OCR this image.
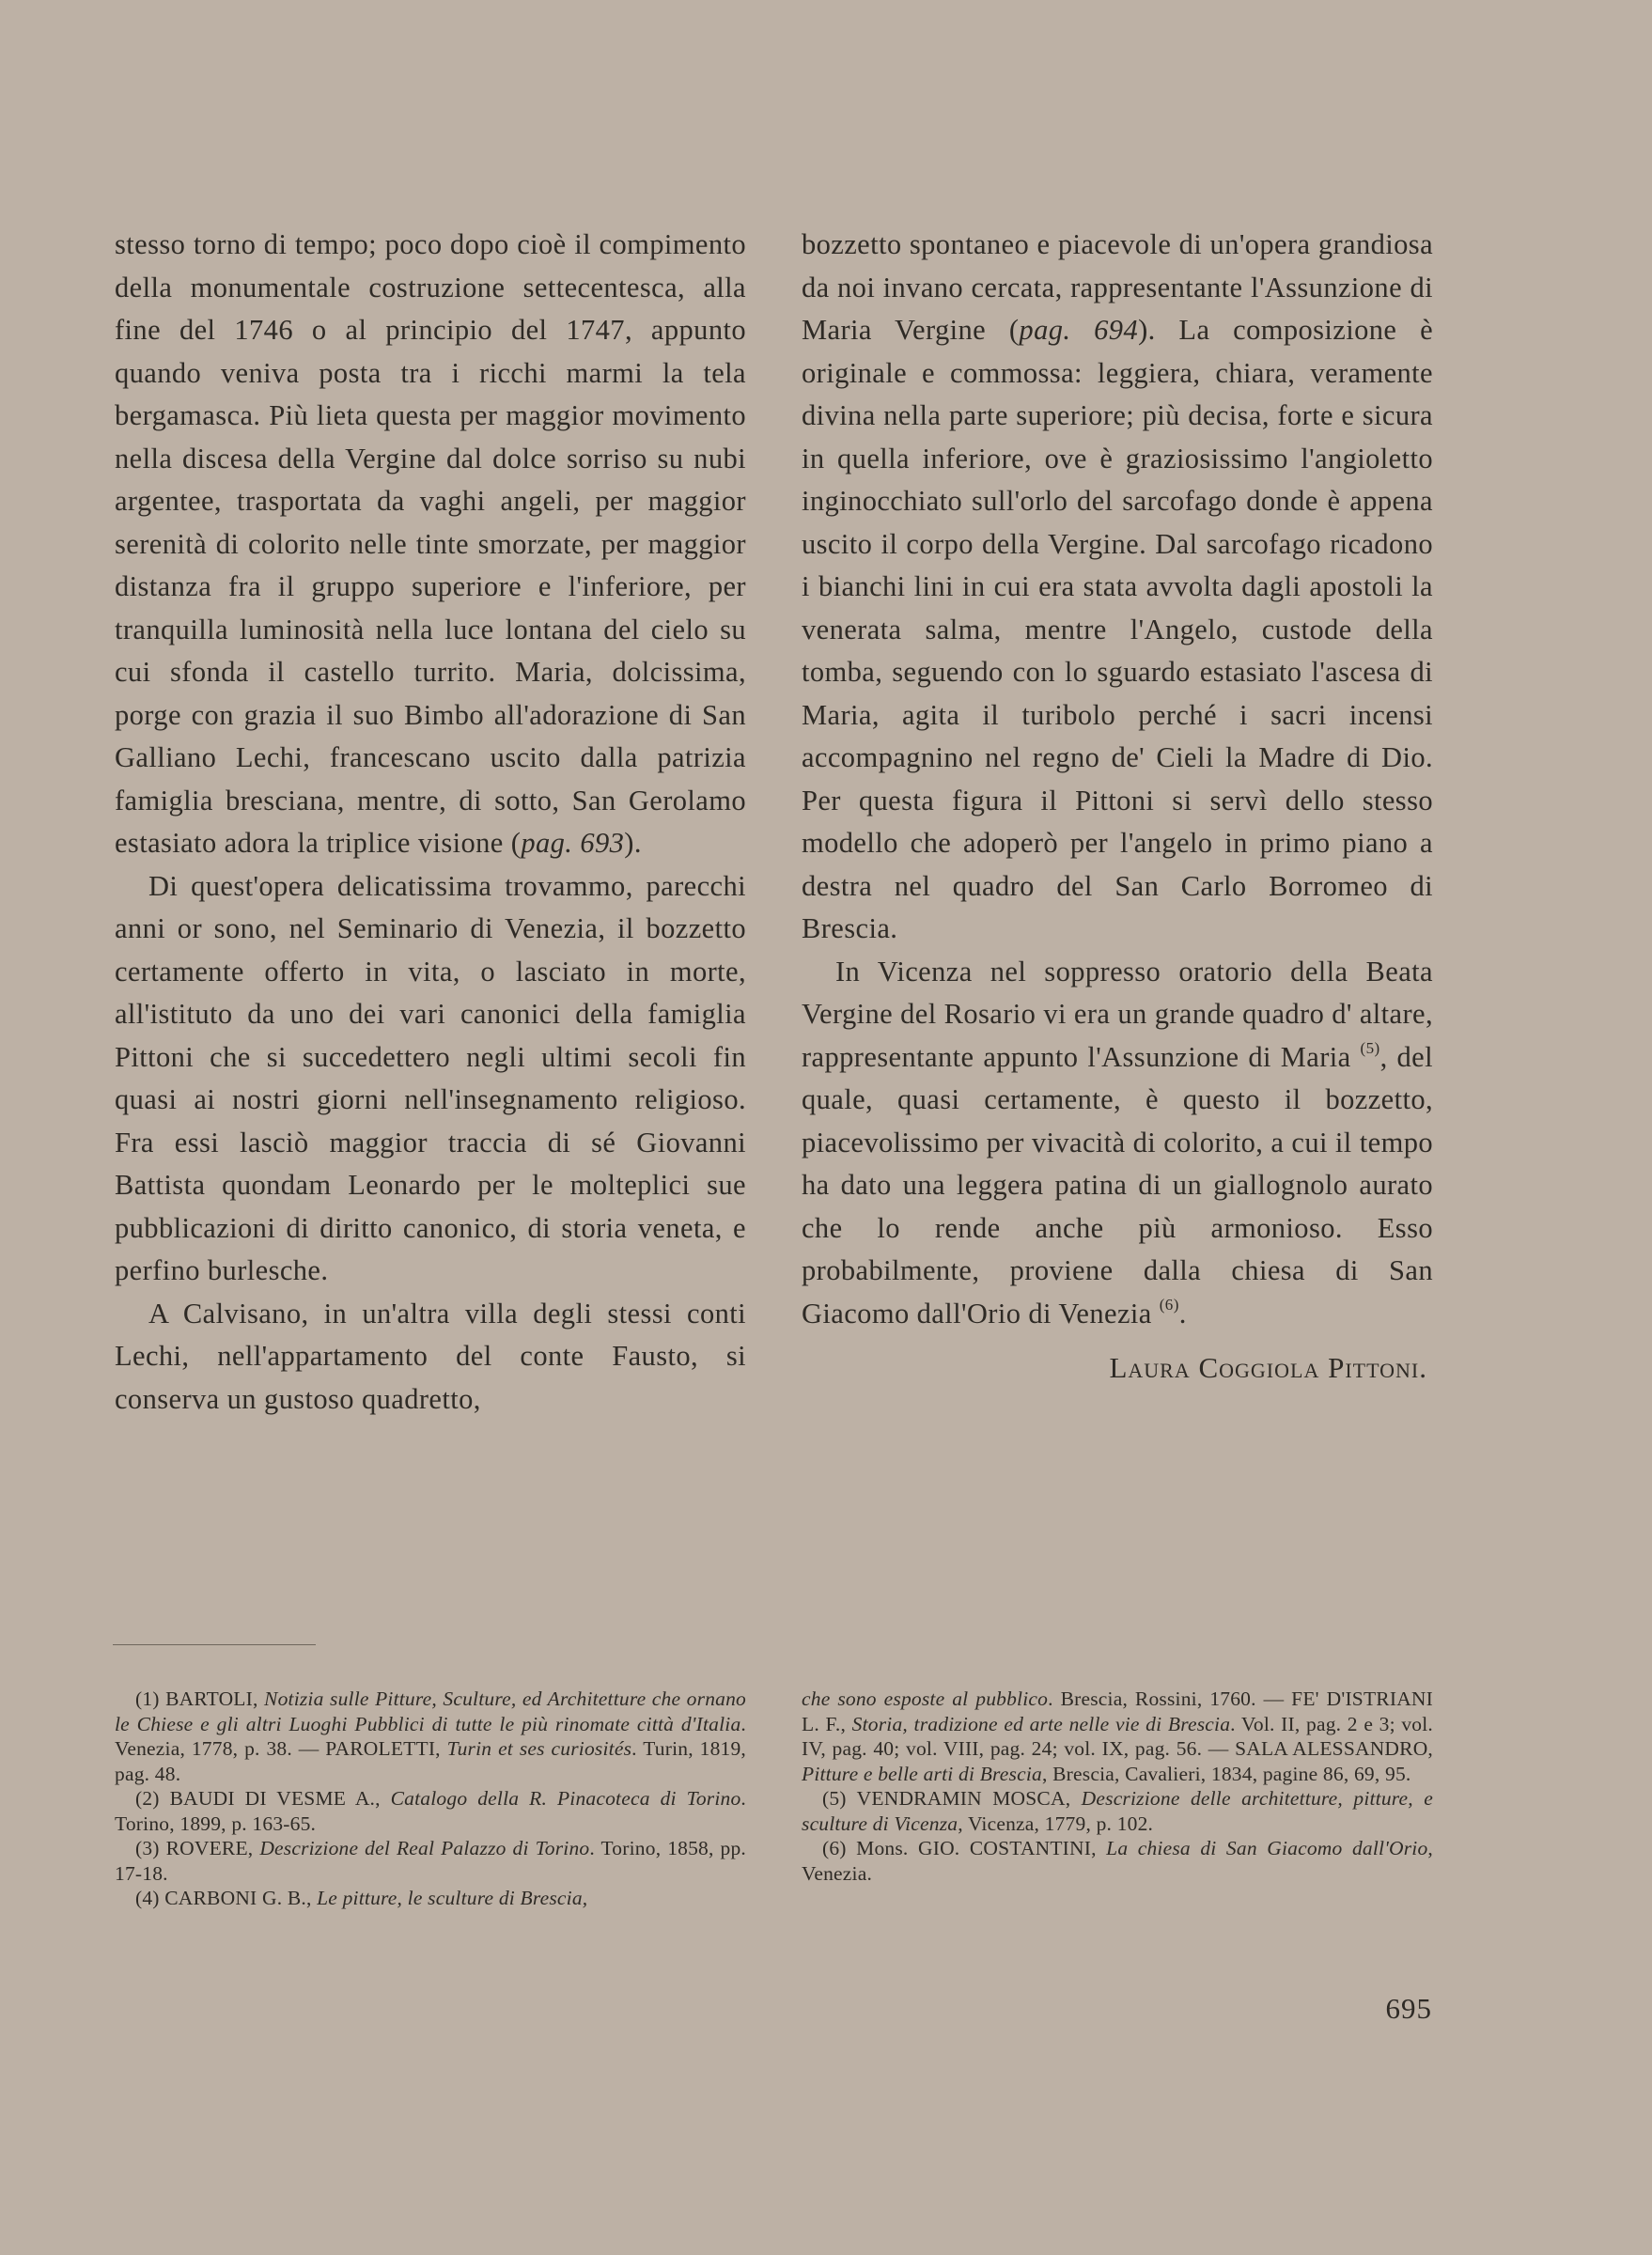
stesso torno di tempo; poco dopo cioè il compimento della monumentale costruzione settecentesca, alla fine del 1746 o al principio del 1747, appunto quando veniva posta tra i ricchi marmi la tela bergamasca. Più lieta questa per maggior movimento nella discesa della Vergine dal dolce sorriso su nubi argentee, trasportata da vaghi angeli, per maggior serenità di colorito nelle tinte smorzate, per maggior distanza fra il gruppo superiore e l'inferiore, per tranquilla luminosità nella luce lontana del cielo su cui sfonda il castello turrito. Maria, dolcissima, porge con grazia il suo Bimbo all'adorazione di San Galliano Lechi, francescano uscito dalla patrizia famiglia bresciana, mentre, di sotto, San Gerolamo estasiato adora la triplice visione (pag. 693).

Di quest'opera delicatissima trovammo, parecchi anni or sono, nel Seminario di Venezia, il bozzetto certamente offerto in vita, o lasciato in morte, all'istituto da uno dei vari canonici della famiglia Pittoni che si succedettero negli ultimi secoli fin quasi ai nostri giorni nell'insegnamento religioso. Fra essi lasciò maggior traccia di sé Giovanni Battista quondam Leonardo per le molteplici sue pubblicazioni di diritto canonico, di storia veneta, e perfino burlesche.

A Calvisano, in un'altra villa degli stessi conti Lechi, nell'appartamento del conte Fausto, si conserva un gustoso quadretto,

bozzetto spontaneo e piacevole di un'opera grandiosa da noi invano cercata, rappresentante l'Assunzione di Maria Vergine (pag. 694). La composizione è originale e commossa: leggiera, chiara, veramente divina nella parte superiore; più decisa, forte e sicura in quella inferiore, ove è graziosissimo l'angioletto inginocchiato sull'orlo del sarcofago donde è appena uscito il corpo della Vergine. Dal sarcofago ricadono i bianchi lini in cui era stata avvolta dagli apostoli la venerata salma, mentre l'Angelo, custode della tomba, seguendo con lo sguardo estasiato l'ascesa di Maria, agita il turibolo perché i sacri incensi accompagnino nel regno de' Cieli la Madre di Dio. Per questa figura il Pittoni si servì dello stesso modello che adoperò per l'angelo in primo piano a destra nel quadro del San Carlo Borromeo di Brescia.

In Vicenza nel soppresso oratorio della Beata Vergine del Rosario vi era un grande quadro d' altare, rappresentante appunto l'Assunzione di Maria $^{(5)}$, del quale, quasi certamente, è questo il bozzetto, piacevolissimo per vivacità di colorito, a cui il tempo ha dato una leggera patina di un giallognolo aurato che lo rende anche più armonioso. Esso probabilmente, proviene dalla chiesa di San Giacomo dall'Orio di Venezia $^{(6)}$.

Laura Coggiola Pittoni.

(1) BARTOLI, Notizia sulle Pitture, Sculture, ed Architetture che ornano le Chiese e gli altri Luoghi Pubblici di tutte le più rinomate città d'Italia. Venezia, 1778, p. 38. — PAROLETTI, Turin et ses curiosités. Turin, 1819, pag. 48.

(2) BAUDI DI VESME A., Catalogo della R. Pinacoteca di Torino. Torino, 1899, p. 163-65.

(3) ROVERE, Descrizione del Real Palazzo di Torino. Torino, 1858, pp. 17-18.

(4) CARBONI G. B., Le pitture, le sculture di Brescia,

che sono esposte al pubblico. Brescia, Rossini, 1760. — FE' D'ISTRIANI L. F., Storia, tradizione ed arte nelle vie di Brescia. Vol. II, pag. 2 e 3; vol. IV, pag. 40; vol. VIII, pag. 24; vol. IX, pag. 56. — SALA ALESSANDRO, Pitture e belle arti di Brescia, Brescia, Cavalieri, 1834, pagine 86, 69, 95.

(5) VENDRAMIN MOSCA, Descrizione delle architetture, pitture, e sculture di Vicenza, Vicenza, 1779, p. 102.

(6) Mons. GIO. COSTANTINI, La chiesa di San Giacomo dall'Orio, Venezia.

695
